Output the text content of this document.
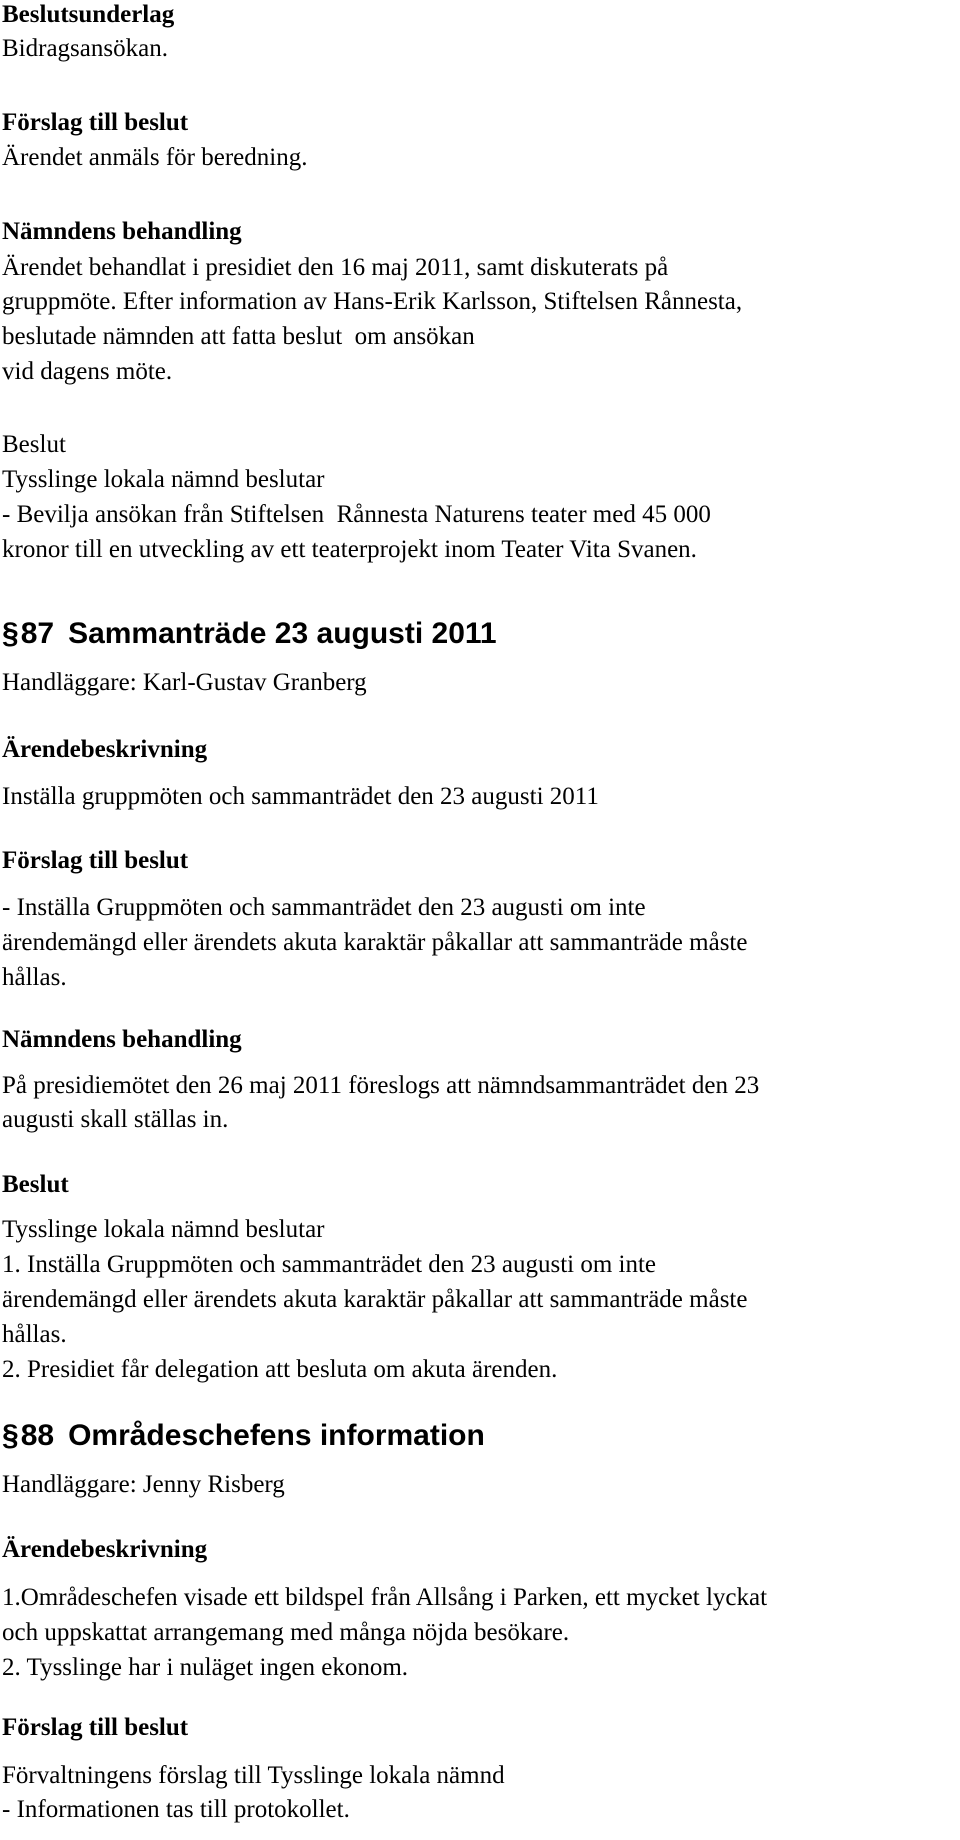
Beslutsunderlag

Bidragsansökan.

Förslag till beslut

Ärendet anmäls för beredning.

Nämndens behandling

Ärendet behandlat i presidiet den 16 maj 2011, samt diskuterats på

gruppmöte. Efter information av Hans-Erik Karlsson, Stiftelsen Rånnesta,

beslutade nämnden att fatta beslut  om ansökan

vid dagens möte.

Beslut

Tysslinge lokala nämnd beslutar

- Bevilja ansökan från Stiftelsen  Rånnesta Naturens teater med 45 000

kronor till en utveckling av ett teaterprojekt inom Teater Vita Svanen.

§87 Sammanträde 23 augusti 2011

Handläggare: Karl-Gustav Granberg

Ärendebeskrivning

Inställa gruppmöten och sammanträdet den 23 augusti 2011

Förslag till beslut

- Inställa Gruppmöten och sammanträdet den 23 augusti om inte

ärendemängd eller ärendets akuta karaktär påkallar att sammanträde måste

hållas.

Nämndens behandling

På presidiemötet den 26 maj 2011 föreslogs att nämndsammanträdet den 23

augusti skall ställas in.

Beslut

Tysslinge lokala nämnd beslutar

1. Inställa Gruppmöten och sammanträdet den 23 augusti om inte

ärendemängd eller ärendets akuta karaktär påkallar att sammanträde måste

hållas.

2. Presidiet får delegation att besluta om akuta ärenden.

§88 Områdeschefens information

Handläggare: Jenny Risberg

Ärendebeskrivning

1.Områdeschefen visade ett bildspel från Allsång i Parken, ett mycket lyckat

och uppskattat arrangemang med många nöjda besökare.

2. Tysslinge har i nuläget ingen ekonom.

Förslag till beslut

Förvaltningens förslag till Tysslinge lokala nämnd

- Informationen tas till protokollet.
